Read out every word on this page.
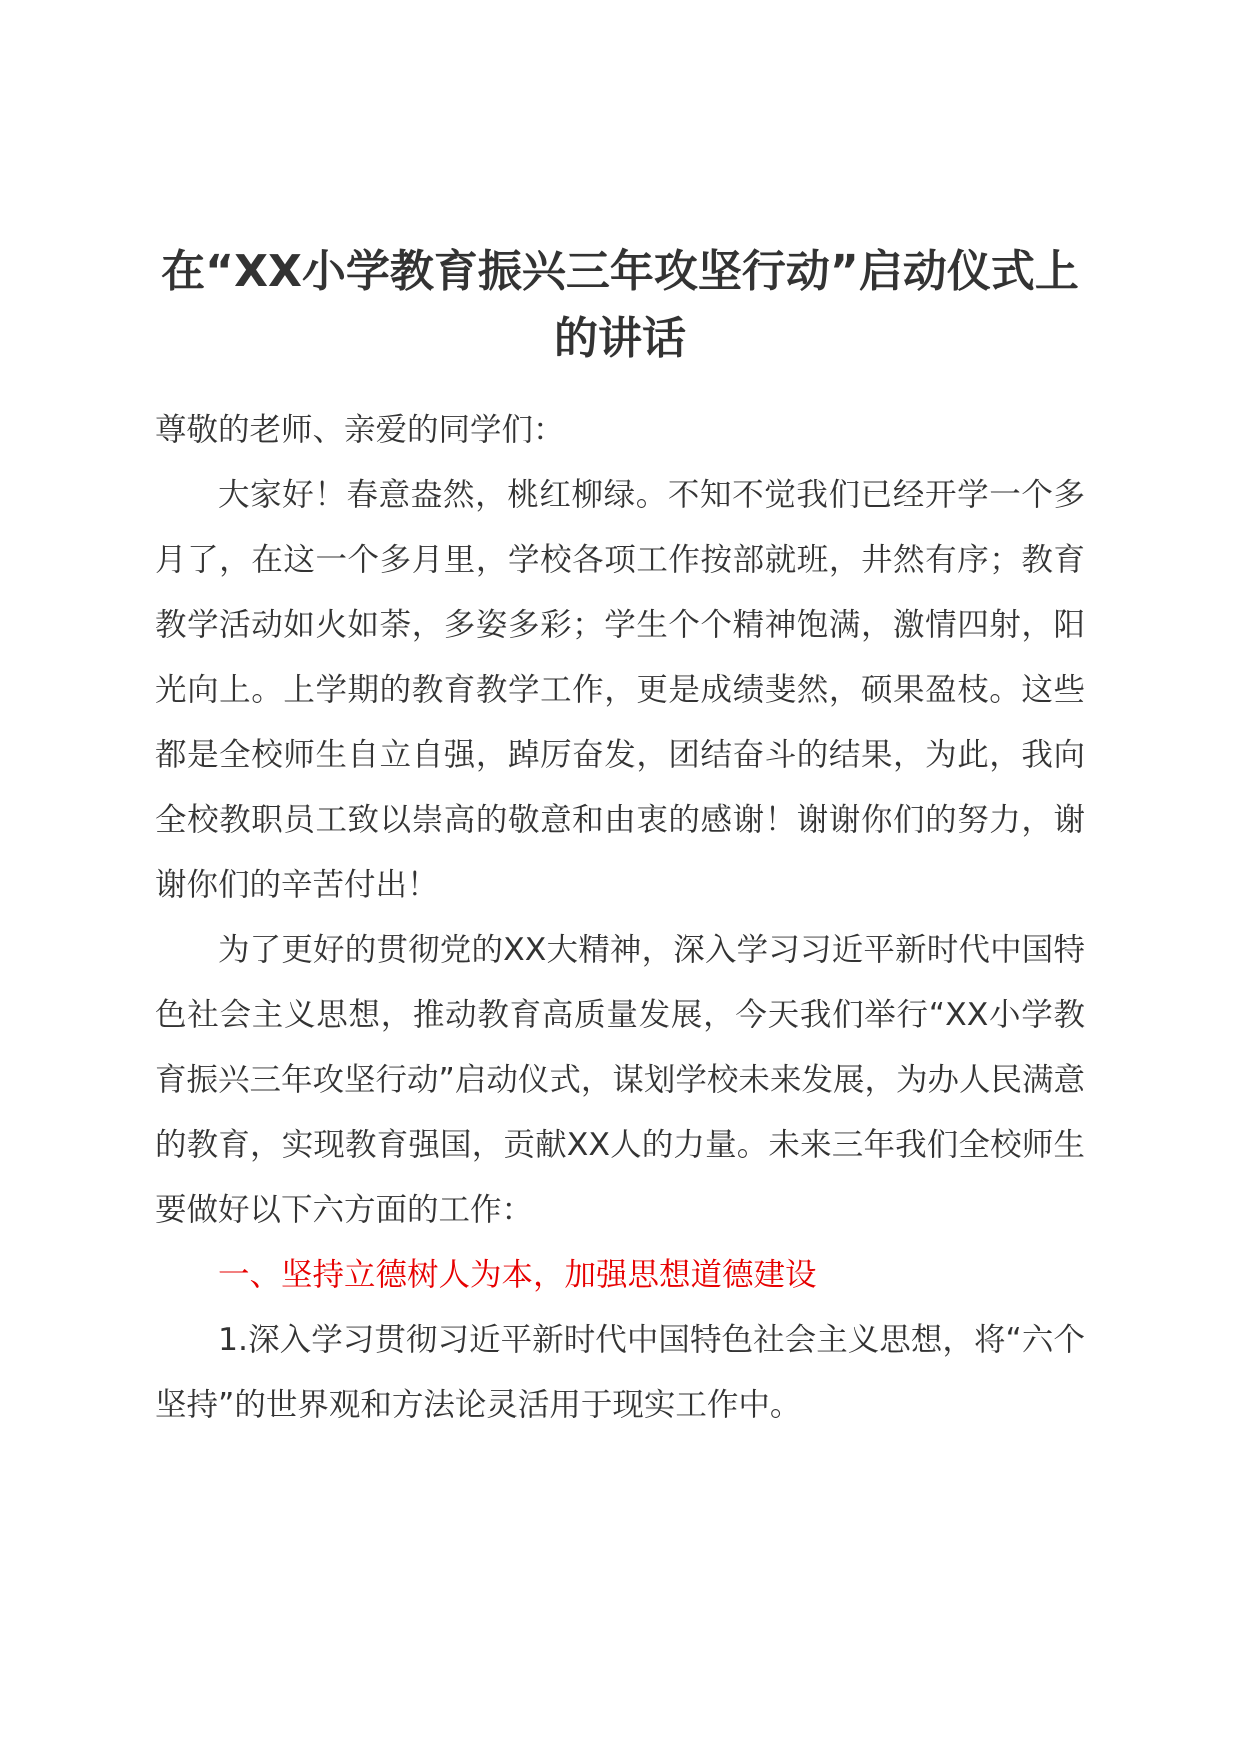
在“XX小学教育振兴三年攻坚行动”启动仪式上的讲话

尊敬的老师、亲爱的同学们：

大家好！春意盎然，桃红柳绿。不知不觉我们已经开学一个多月了，在这一个多月里，学校各项工作按部就班，井然有序；教育教学活动如火如荼，多姿多彩；学生个个精神饱满，激情四射，阳光向上。上学期的教育教学工作，更是成绩斐然，硕果盈枝。这些都是全校师生自立自强，踔厉奋发，团结奋斗的结果，为此，我向全校教职员工致以崇高的敬意和由衷的感谢！谢谢你们的努力，谢谢你们的辛苦付出！

为了更好的贯彻党的XX大精神，深入学习习近平新时代中国特色社会主义思想，推动教育高质量发展，今天我们举行“XX小学教育振兴三年攻坚行动”启动仪式，谋划学校未来发展，为办人民满意的教育，实现教育强国，贡献XX人的力量。未来三年我们全校师生要做好以下六方面的工作：

一、坚持立德树人为本，加强思想道德建设

1.深入学习贯彻习近平新时代中国特色社会主义思想，将“六个坚持”的世界观和方法论灵活用于现实工作中。
